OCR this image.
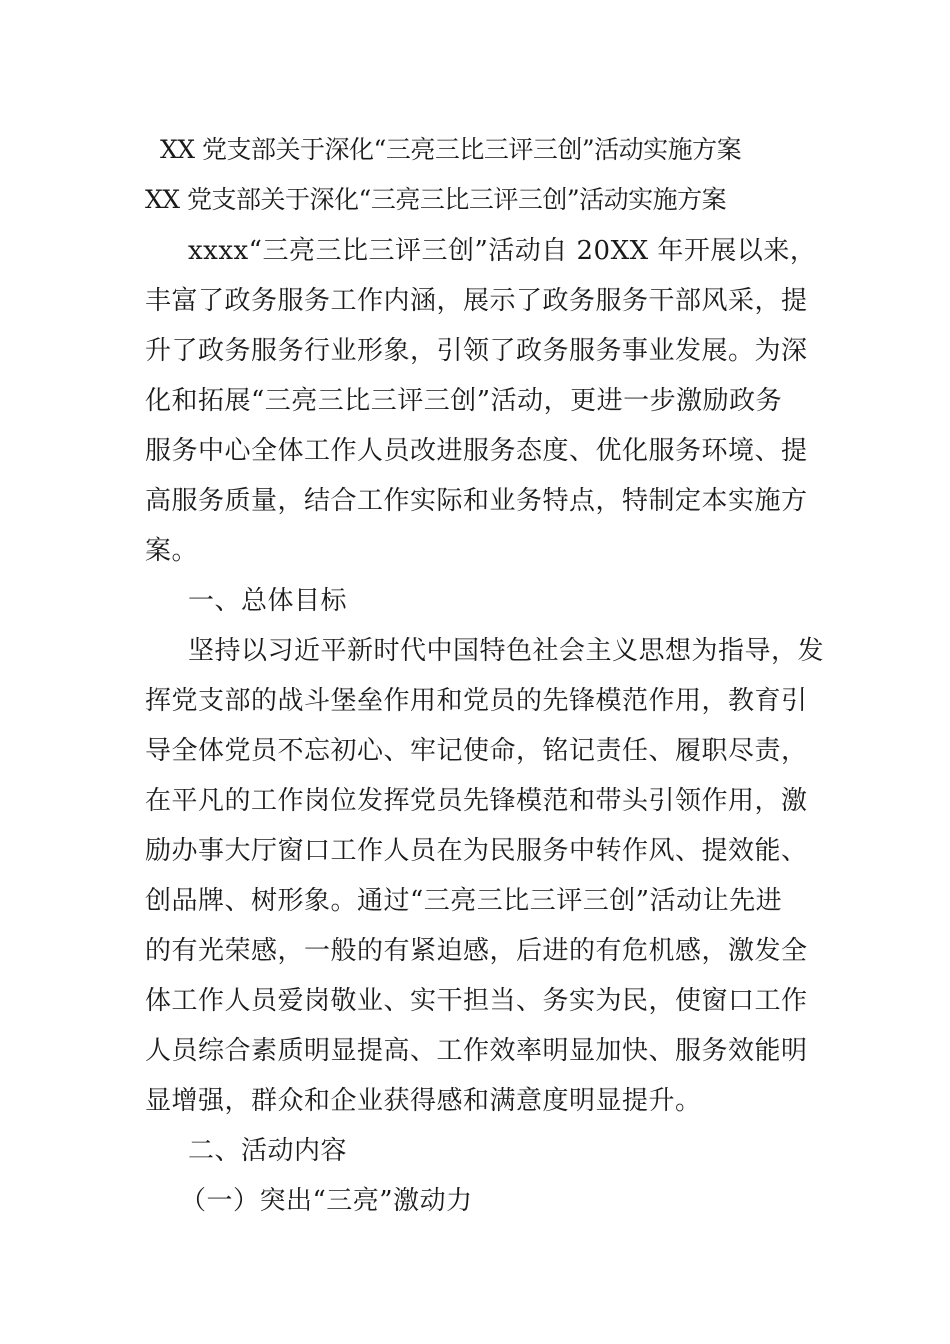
XX 党支部关于深化“三亮三比三评三创”活动实施方案
XX 党支部关于深化“三亮三比三评三创”活动实施方案
xxxx“三亮三比三评三创”活动自 20XX 年开展以来，
丰富了政务服务工作内涵，展示了政务服务干部风采，提
升了政务服务行业形象，引领了政务服务事业发展。为深
化和拓展“三亮三比三评三创”活动，更进一步激励政务
服务中心全体工作人员改进服务态度、优化服务环境、提
高服务质量，结合工作实际和业务特点，特制定本实施方
案。
一、总体目标
坚持以习近平新时代中国特色社会主义思想为指导，发
挥党支部的战斗堡垒作用和党员的先锋模范作用，教育引
导全体党员不忘初心、牢记使命，铭记责任、履职尽责，
在平凡的工作岗位发挥党员先锋模范和带头引领作用，激
励办事大厅窗口工作人员在为民服务中转作风、提效能、
创品牌、树形象。通过“三亮三比三评三创”活动让先进
的有光荣感，一般的有紧迫感，后进的有危机感，激发全
体工作人员爱岗敬业、实干担当、务实为民，使窗口工作
人员综合素质明显提高、工作效率明显加快、服务效能明
显增强，群众和企业获得感和满意度明显提升。
二、活动内容
（一）突出“三亮”激动力
